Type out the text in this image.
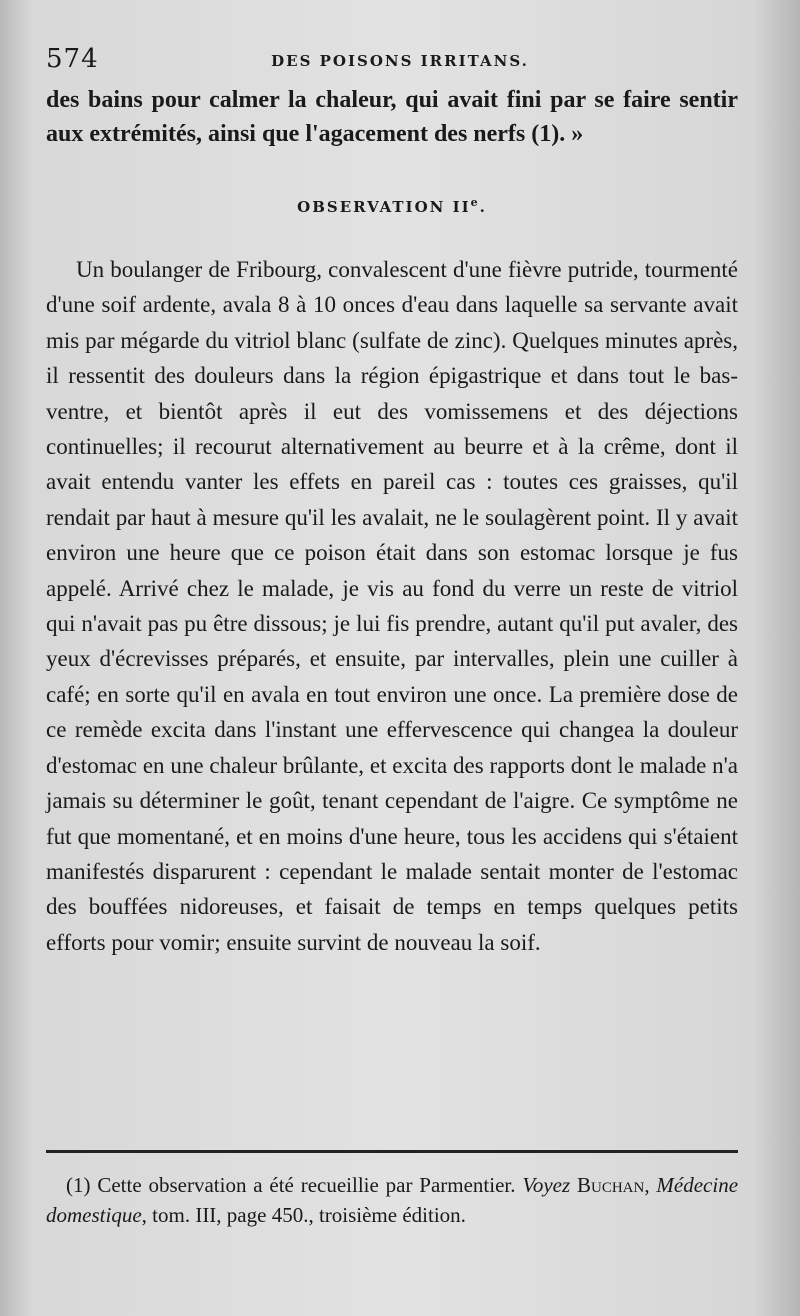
574	DES POISONS IRRITANS.

des bains pour calmer la chaleur, qui avait fini par se faire sentir aux extrémités, ainsi que l'agacement des nerfs (1). »

OBSERVATION IIe.

Un boulanger de Fribourg, convalescent d'une fièvre putride, tourmenté d'une soif ardente, avala 8 à 10 onces d'eau dans laquelle sa servante avait mis par mégarde du vitriol blanc (sulfate de zinc). Quelques minutes après, il ressentit des douleurs dans la région épigastrique et dans tout le bas-ventre, et bientôt après il eut des vomissemens et des déjections continuelles; il recourut alternativement au beurre et à la crême, dont il avait entendu vanter les effets en pareil cas : toutes ces graisses, qu'il rendait par haut à mesure qu'il les avalait, ne le soulagèrent point. Il y avait environ une heure que ce poison était dans son estomac lorsque je fus appelé. Arrivé chez le malade, je vis au fond du verre un reste de vitriol qui n'avait pas pu être dissous; je lui fis prendre, autant qu'il put avaler, des yeux d'écrevisses préparés, et ensuite, par intervalles, plein une cuiller à café; en sorte qu'il en avala en tout environ une once. La première dose de ce remède excita dans l'instant une effervescence qui changea la douleur d'estomac en une chaleur brûlante, et excita des rapports dont le malade n'a jamais su déterminer le goût, tenant cependant de l'aigre. Ce symptôme ne fut que momentané, et en moins d'une heure, tous les accidens qui s'étaient manifestés disparurent : cependant le malade sentait monter de l'estomac des bouffées nidoreuses, et faisait de temps en temps quelques petits efforts pour vomir; ensuite survint de nouveau la soif.

(1) Cette observation a été recueillie par Parmentier. Voyez Buchan, Médecine domestique, tom. III, page 450., troisième édition.
